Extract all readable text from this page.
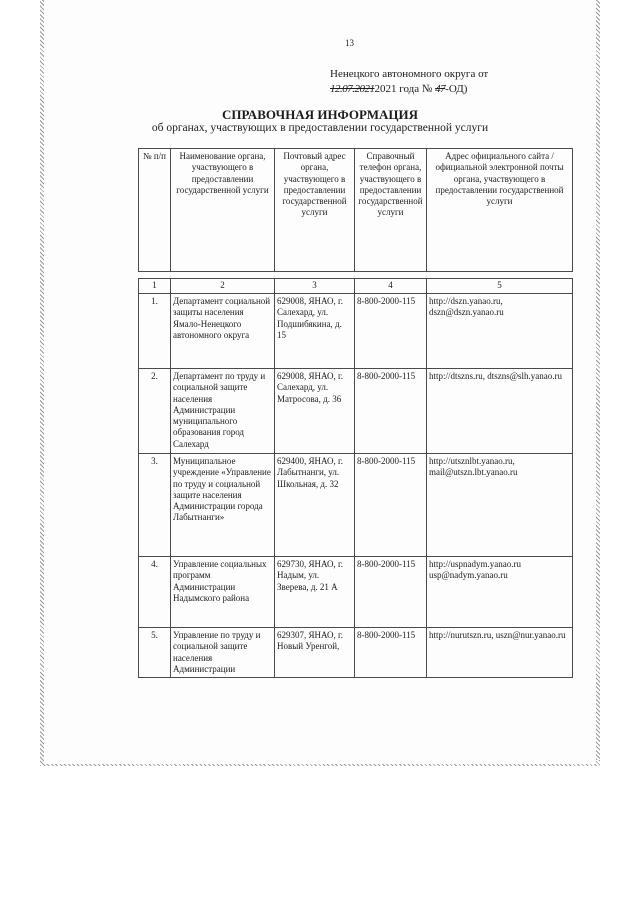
13
Ненецкого автономного округа от
12.07.20212021 года № 47-ОД)
СПРАВОЧНАЯ ИНФОРМАЦИЯ
об органах, участвующих в предоставлении государственной услуги
№ п/п	Наименование органа, участвующего в предоставлении государственной услуги	Почтовый адрес органа, участвующего в предоставлении государственной услуги	Справочный телефон органа, участвующего в предоставлении государственной услуги	Адрес официального сайта /официальной электронной почты органа, участвующего в предоставлении государственной услуги

1	2	3	4	5
1.	Департамент социальной защиты населения Ямало-Ненецкого автономного округа	629008, ЯНАО, г. Салехард, ул. Подшибякина, д. 15	8-800-2000-115	http://dszn.yanao.ru, dszn@dszn.yanao.ru
2.	Департамент по труду и социальной защите населения Администрации муниципального образования город Салехард	629008, ЯНАО, г. Салехард, ул. Матросова, д. 36	8-800-2000-115	http://dtszns.ru, dtszns@slh.yanao.ru
3.	Муниципальное учреждение «Управление по труду и социальной защите населения Администрации города Лабытнанги»	629400, ЯНАО, г. Лабытнанги, ул. Школьная, д. 32	8-800-2000-115	http://utsznlbt.yanao.ru, mail@utszn.lbt.yanao.ru
4.	Управление социальных программ Администрации Надымского района	629730, ЯНАО, г. Надым, ул. Зверева, д. 21 А	8-800-2000-115	http://uspnadym.yanao.ru usp@nadym.yanao.ru
5.	Управление по труду и социальной защите населения Администрации	629307, ЯНАО, г. Новый Уренгой,	8-800-2000-115	http://nurutszn.ru, uszn@nur.yanao.ru
